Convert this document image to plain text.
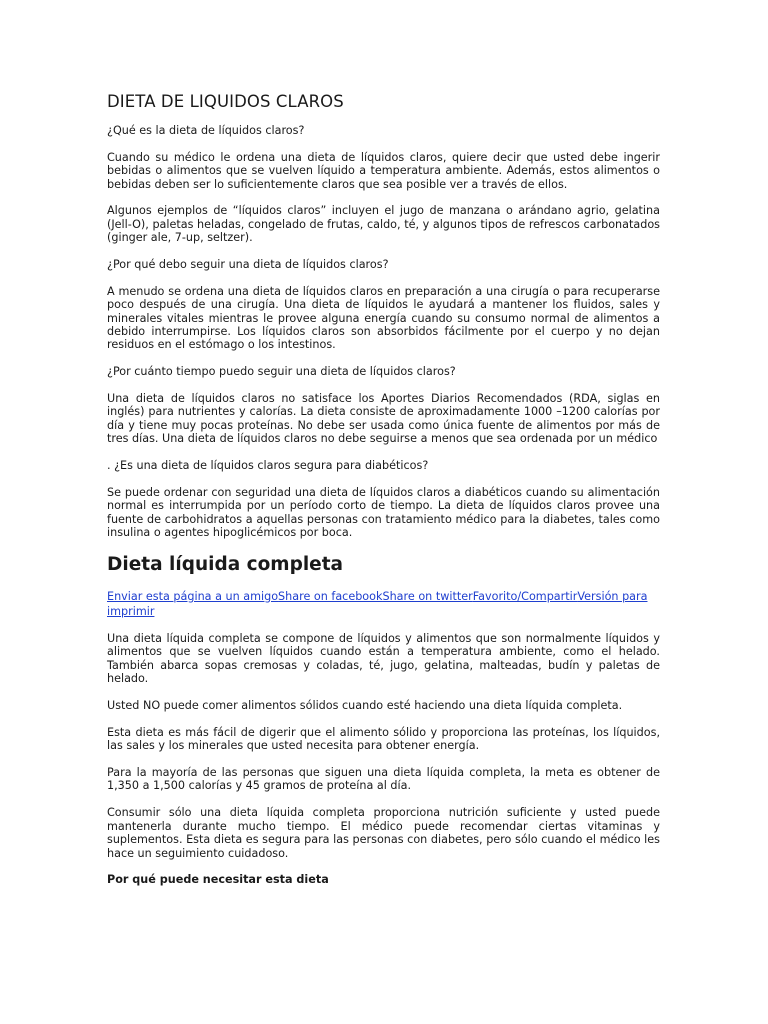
DIETA DE LIQUIDOS CLAROS

¿Qué es la dieta de líquidos claros?

Cuando su médico le ordena una dieta de líquidos claros, quiere decir que usted debe ingerir bebidas o alimentos que se vuelven líquido a temperatura ambiente. Además, estos alimentos o bebidas deben ser lo suficientemente claros que sea posible ver a través de ellos.

Algunos ejemplos de “líquidos claros” incluyen el jugo de manzana o arándano agrio, gelatina (Jell-O), paletas heladas, congelado de frutas, caldo, té, y algunos tipos de refrescos carbonatados (ginger ale, 7-up, seltzer).

¿Por qué debo seguir una dieta de líquidos claros?

A menudo se ordena una dieta de líquidos claros en preparación a una cirugía o para recuperarse poco después de una cirugía. Una dieta de líquidos le ayudará a mantener los fluidos, sales y minerales vitales mientras le provee alguna energía cuando su consumo normal de alimentos a debido interrumpirse. Los líquidos claros son absorbidos fácilmente por el cuerpo y no dejan residuos en el estómago o los intestinos.

¿Por cuánto tiempo puedo seguir una dieta de líquidos claros?

Una dieta de líquidos claros no satisface los Aportes Diarios Recomendados (RDA, siglas en inglés) para nutrientes y calorías. La dieta consiste de aproximadamente 1000 –1200 calorías por día y tiene muy pocas proteínas. No debe ser usada como única fuente de alimentos por más de tres días. Una dieta de líquidos claros no debe seguirse a menos que sea ordenada por un médico

. ¿Es una dieta de líquidos claros segura para diabéticos?

Se puede ordenar con seguridad una dieta de líquidos claros a diabéticos cuando su alimentación normal es interrumpida por un período corto de tiempo. La dieta de líquidos claros provee una fuente de carbohidratos a aquellas personas con tratamiento médico para la diabetes, tales como insulina o agentes hipoglicémicos por boca.

Dieta líquida completa
Enviar esta página a un amigoShare on facebookShare on twitterFavorito/CompartirVersión para imprimir

Una dieta líquida completa se compone de líquidos y alimentos que son normalmente líquidos y alimentos que se vuelven líquidos cuando están a temperatura ambiente, como el helado. También abarca sopas cremosas y coladas, té, jugo, gelatina, malteadas, budín y paletas de helado.

Usted NO puede comer alimentos sólidos cuando esté haciendo una dieta líquida completa.

Esta dieta es más fácil de digerir que el alimento sólido y proporciona las proteínas, los líquidos, las sales y los minerales que usted necesita para obtener energía.

Para la mayoría de las personas que siguen una dieta líquida completa, la meta es obtener de 1,350 a 1,500 calorías y 45 gramos de proteína al día.

Consumir sólo una dieta líquida completa proporciona nutrición suficiente y usted puede mantenerla durante mucho tiempo. El médico puede recomendar ciertas vitaminas y suplementos. Esta dieta es segura para las personas con diabetes, pero sólo cuando el médico les hace un seguimiento cuidadoso.

Por qué puede necesitar esta dieta
